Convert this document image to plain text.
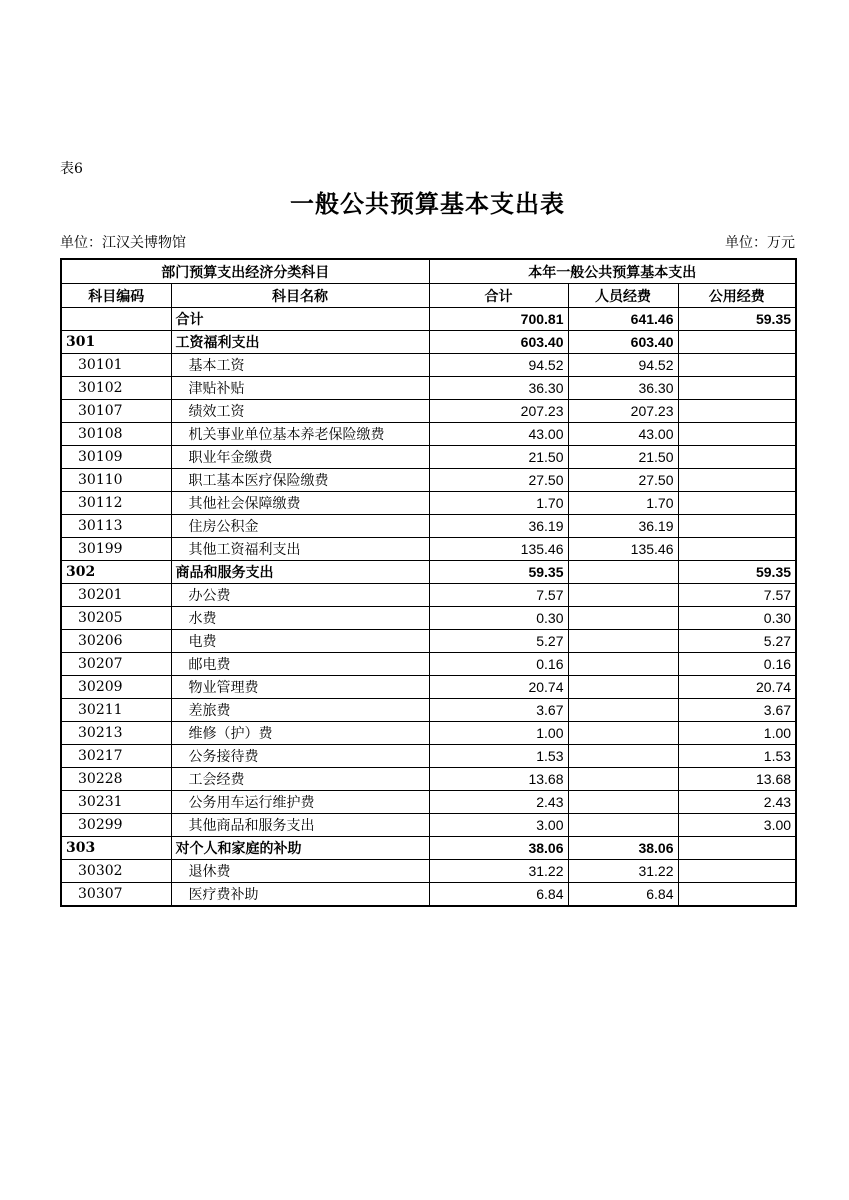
表6
一般公共预算基本支出表
单位：江汉关博物馆	单位：万元
部门预算支出经济分类科目		本年一般公共预算基本支出		
科目编码	科目名称	合计	人员经费	公用经费
	合计	700.81	641.46	59.35
301	工资福利支出	603.40	603.40	
30101	基本工资	94.52	94.52	
30102	津贴补贴	36.30	36.30	
30107	绩效工资	207.23	207.23	
30108	机关事业单位基本养老保险缴费	43.00	43.00	
30109	职业年金缴费	21.50	21.50	
30110	职工基本医疗保险缴费	27.50	27.50	
30112	其他社会保障缴费	1.70	1.70	
30113	住房公积金	36.19	36.19	
30199	其他工资福利支出	135.46	135.46	
302	商品和服务支出	59.35		59.35
30201	办公费	7.57		7.57
30205	水费	0.30		0.30
30206	电费	5.27		5.27
30207	邮电费	0.16		0.16
30209	物业管理费	20.74		20.74
30211	差旅费	3.67		3.67
30213	维修（护）费	1.00		1.00
30217	公务接待费	1.53		1.53
30228	工会经费	13.68		13.68
30231	公务用车运行维护费	2.43		2.43
30299	其他商品和服务支出	3.00		3.00
303	对个人和家庭的补助	38.06	38.06	
30302	退休费	31.22	31.22	
30307	医疗费补助	6.84	6.84	
